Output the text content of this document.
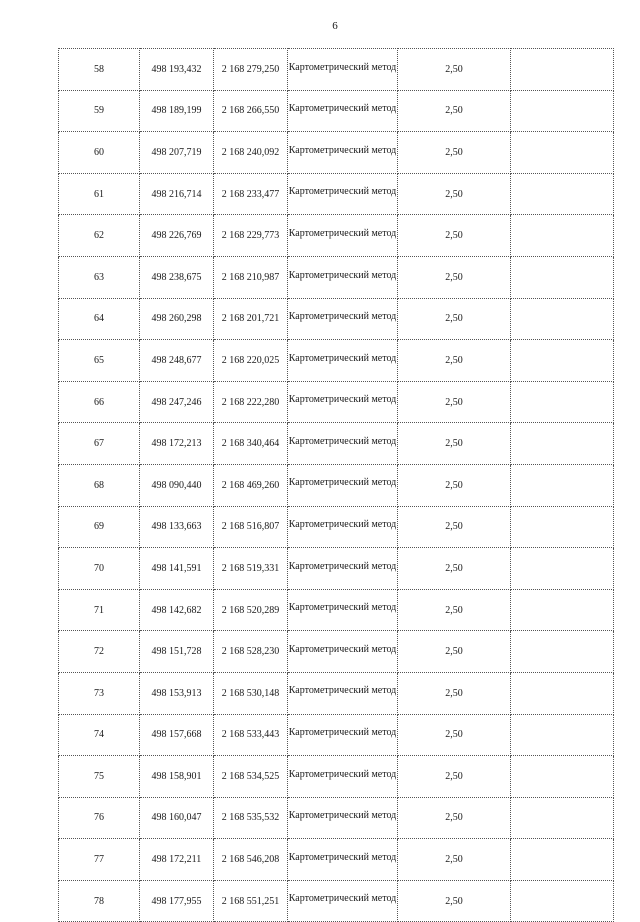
6
58	498 193,432	2 168 279,250	Картометрический метод	2,50	
59	498 189,199	2 168 266,550	Картометрический метод	2,50	
60	498 207,719	2 168 240,092	Картометрический метод	2,50	
61	498 216,714	2 168 233,477	Картометрический метод	2,50	
62	498 226,769	2 168 229,773	Картометрический метод	2,50	
63	498 238,675	2 168 210,987	Картометрический метод	2,50	
64	498 260,298	2 168 201,721	Картометрический метод	2,50	
65	498 248,677	2 168 220,025	Картометрический метод	2,50	
66	498 247,246	2 168 222,280	Картометрический метод	2,50	
67	498 172,213	2 168 340,464	Картометрический метод	2,50	
68	498 090,440	2 168 469,260	Картометрический метод	2,50	
69	498 133,663	2 168 516,807	Картометрический метод	2,50	
70	498 141,591	2 168 519,331	Картометрический метод	2,50	
71	498 142,682	2 168 520,289	Картометрический метод	2,50	
72	498 151,728	2 168 528,230	Картометрический метод	2,50	
73	498 153,913	2 168 530,148	Картометрический метод	2,50	
74	498 157,668	2 168 533,443	Картометрический метод	2,50	
75	498 158,901	2 168 534,525	Картометрический метод	2,50	
76	498 160,047	2 168 535,532	Картометрический метод	2,50	
77	498 172,211	2 168 546,208	Картометрический метод	2,50	
78	498 177,955	2 168 551,251	Картометрический метод	2,50	
